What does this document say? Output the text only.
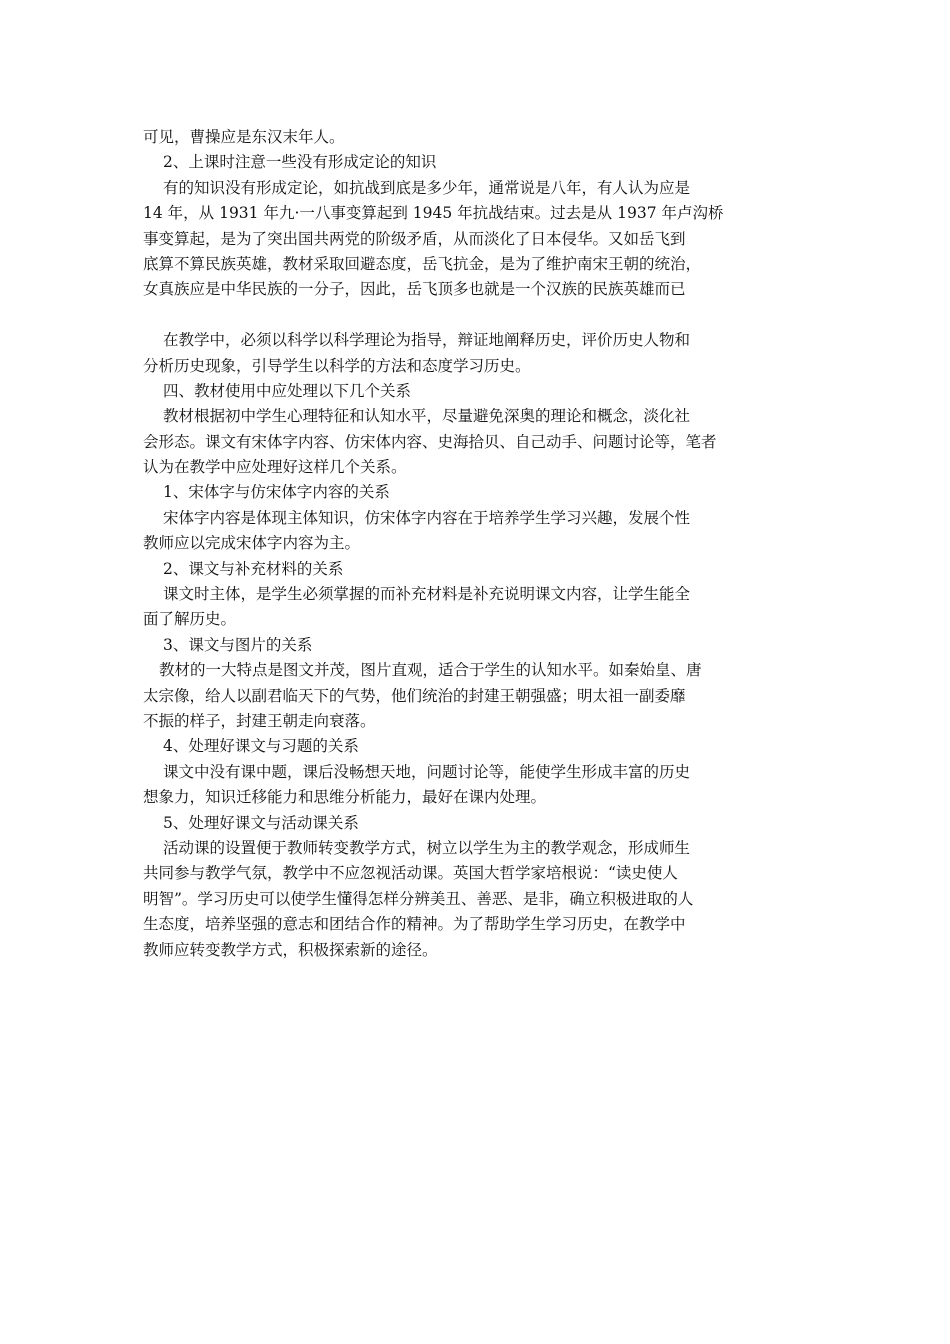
可见，曹操应是东汉末年人。
2、上课时注意一些没有形成定论的知识
有的知识没有形成定论，如抗战到底是多少年，通常说是八年，有人认为应是
14 年，从 1931 年九·一八事变算起到 1945 年抗战结束。过去是从 1937 年卢沟桥
事变算起，是为了突出国共两党的阶级矛盾，从而淡化了日本侵华。又如岳飞到
底算不算民族英雄，教材采取回避态度，岳飞抗金，是为了维护南宋王朝的统治，
女真族应是中华民族的一分子，因此，岳飞顶多也就是一个汉族的民族英雄而已
在教学中，必须以科学以科学理论为指导，辩证地阐释历史，评价历史人物和
分析历史现象，引导学生以科学的方法和态度学习历史。
四、教材使用中应处理以下几个关系
教材根据初中学生心理特征和认知水平，尽量避免深奥的理论和概念，淡化社
会形态。课文有宋体字内容、仿宋体内容、史海拾贝、自己动手、问题讨论等，笔者
认为在教学中应处理好这样几个关系。
1、宋体字与仿宋体字内容的关系
宋体字内容是体现主体知识，仿宋体字内容在于培养学生学习兴趣，发展个性
教师应以完成宋体字内容为主。
2、课文与补充材料的关系
课文时主体，是学生必须掌握的而补充材料是补充说明课文内容，让学生能全
面了解历史。
3、课文与图片的关系
教材的一大特点是图文并茂，图片直观，适合于学生的认知水平。如秦始皇、唐
太宗像，给人以副君临天下的气势，他们统治的封建王朝强盛；明太祖一副委靡
不振的样子，封建王朝走向衰落。
4、处理好课文与习题的关系
课文中没有课中题，课后没畅想天地，问题讨论等，能使学生形成丰富的历史
想象力，知识迁移能力和思维分析能力，最好在课内处理。
5、处理好课文与活动课关系
活动课的设置便于教师转变教学方式，树立以学生为主的教学观念，形成师生
共同参与教学气氛，教学中不应忽视活动课。英国大哲学家培根说：“读史使人
明智”。学习历史可以使学生懂得怎样分辨美丑、善恶、是非，确立积极进取的人
生态度，培养坚强的意志和团结合作的精神。为了帮助学生学习历史，在教学中
教师应转变教学方式，积极探索新的途径。
